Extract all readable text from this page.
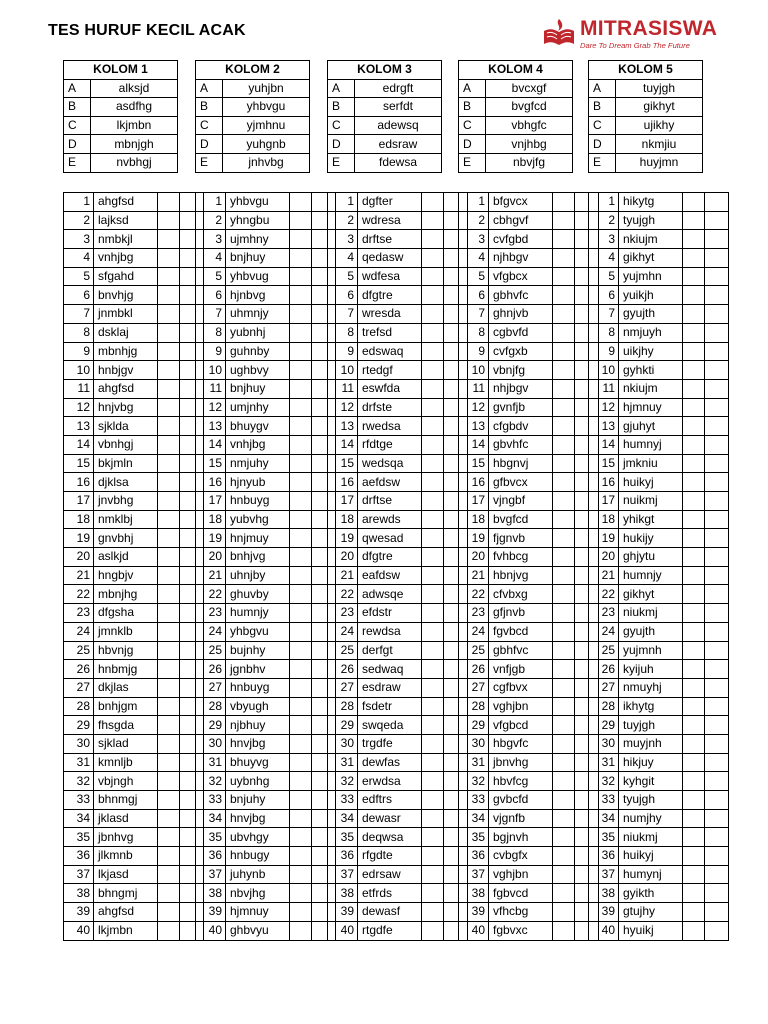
TES HURUF KECIL ACAK	MITRASISWA
Dare To Dream Grab The Future
KOLOM 1	
A	alksjd
B	asdfhg
C	lkjmbn
D	mbnjgh
E	nvbhgj
KOLOM 2	
A	yuhjbn
B	yhbvgu
C	yjmhnu
D	yuhgnb
E	jnhvbg
KOLOM 3	
A	edrgft
B	serfdt
C	adewsq
D	edsraw
E	fdewsa
KOLOM 4	
A	bvcxgf
B	bvgfcd
C	vbhgfc
D	vnjhbg
E	nbvjfg
KOLOM 5	
A	tuyjgh
B	gikhyt
C	ujikhy
D	nkmjiu
E	huyjmn
1	ahgfsd		
2	lajksd		
3	nmbkjl		
4	vnhjbg		
5	sfgahd		
6	bnvhjg		
7	jnmbkl		
8	dsklaj		
9	mbnhjg		
10	hnbjgv		
11	ahgfsd		
12	hnjvbg		
13	sjklda		
14	vbnhgj		
15	bkjmln		
16	djklsa		
17	jnvbhg		
18	nmklbj		
19	gnvbhj		
20	aslkjd		
21	hngbjv		
22	mbnjhg		
23	dfgsha		
24	jmnklb		
25	hbvnjg		
26	hnbmjg		
27	dkjlas		
28	bnhjgm		
29	fhsgda		
30	sjklad		
31	kmnljb		
32	vbjngh		
33	bhnmgj		
34	jklasd		
35	jbnhvg		
36	jlkmnb		
37	lkjasd		
38	bhngmj		
39	ahgfsd		
40	lkjmbn		
1	yhbvgu		
2	yhngbu		
3	ujmhny		
4	bnjhuy		
5	yhbvug		
6	hjnbvg		
7	uhmnjy		
8	yubnhj		
9	guhnby		
10	ughbvy		
11	bnjhuy		
12	umjnhy		
13	bhuygv		
14	vnhjbg		
15	nmjuhy		
16	hjnyub		
17	hnbuyg		
18	yubvhg		
19	hnjmuy		
20	bnhjvg		
21	uhnjby		
22	ghuvby		
23	humnjy		
24	yhbgvu		
25	bujnhy		
26	jgnbhv		
27	hnbuyg		
28	vbyugh		
29	njbhuy		
30	hnvjbg		
31	bhuyvg		
32	uybnhg		
33	bnjuhy		
34	hnvjbg		
35	ubvhgy		
36	hnbugy		
37	juhynb		
38	nbvjhg		
39	hjmnuy		
40	ghbvyu		
1	dgfter		
2	wdresa		
3	drftse		
4	qedasw		
5	wdfesa		
6	dfgtre		
7	wresda		
8	trefsd		
9	edswaq		
10	rtedgf		
11	eswfda		
12	drfste		
13	rwedsa		
14	rfdtge		
15	wedsqa		
16	aefdsw		
17	drftse		
18	arewds		
19	qwesad		
20	dfgtre		
21	eafdsw		
22	adwsqe		
23	efdstr		
24	rewdsa		
25	derfgt		
26	sedwaq		
27	esdraw		
28	fsdetr		
29	swqeda		
30	trgdfe		
31	dewfas		
32	erwdsa		
33	edftrs		
34	dewasr		
35	deqwsa		
36	rfgdte		
37	edrsaw		
38	etfrds		
39	dewasf		
40	rtgdfe		
1	bfgvcx		
2	cbhgvf		
3	cvfgbd		
4	njhbgv		
5	vfgbcx		
6	gbhvfc		
7	ghnjvb		
8	cgbvfd		
9	cvfgxb		
10	vbnjfg		
11	nhjbgv		
12	gvnfjb		
13	cfgbdv		
14	gbvhfc		
15	hbgnvj		
16	gfbvcx		
17	vjngbf		
18	bvgfcd		
19	fjgnvb		
20	fvhbcg		
21	hbnjvg		
22	cfvbxg		
23	gfjnvb		
24	fgvbcd		
25	gbhfvc		
26	vnfjgb		
27	cgfbvx		
28	vghjbn		
29	vfgbcd		
30	hbgvfc		
31	jbnvhg		
32	hbvfcg		
33	gvbcfd		
34	vjgnfb		
35	bgjnvh		
36	cvbgfx		
37	vghjbn		
38	fgbvcd		
39	vfhcbg		
40	fgbvxc		
1	hikytg		
2	tyujgh		
3	nkiujm		
4	gikhyt		
5	yujmhn		
6	yuikjh		
7	gyujth		
8	nmjuyh		
9	uikjhy		
10	gyhkti		
11	nkiujm		
12	hjmnuy		
13	gjuhyt		
14	humnyj		
15	jmkniu		
16	huikyj		
17	nuikmj		
18	yhikgt		
19	hukijy		
20	ghjytu		
21	humnjy		
22	gikhyt		
23	niukmj		
24	gyujth		
25	yujmnh		
26	kyijuh		
27	nmuyhj		
28	ikhytg		
29	tuyjgh		
30	muyjnh		
31	hikjuy		
32	kyhgit		
33	tyujgh		
34	numjhy		
35	niukmj		
36	huikyj		
37	humynj		
38	gyikth		
39	gtujhy		
40	hyuikj		
